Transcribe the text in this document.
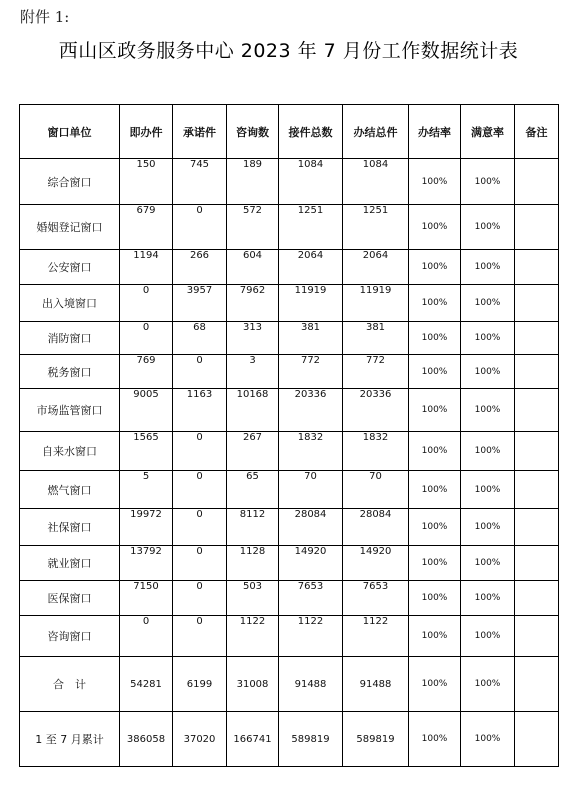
附件 1:
西山区政务服务中心 2023 年 7 月份工作数据统计表
窗口单位	即办件	承诺件	咨询数	接件总数	办结总件	办结率	满意率	备注
综合窗口	150	745	189	1084	1084	100%	100%	
婚姻登记窗口	679	0	572	1251	1251	100%	100%	
公安窗口	1194	266	604	2064	2064	100%	100%	
出入境窗口	0	3957	7962	11919	11919	100%	100%	
消防窗口	0	68	313	381	381	100%	100%	
税务窗口	769	0	3	772	772	100%	100%	
市场监管窗口	9005	1163	10168	20336	20336	100%	100%	
自来水窗口	1565	0	267	1832	1832	100%	100%	
燃气窗口	5	0	65	70	70	100%	100%	
社保窗口	19972	0	8112	28084	28084	100%	100%	
就业窗口	13792	0	1128	14920	14920	100%	100%	
医保窗口	7150	0	503	7653	7653	100%	100%	
咨询窗口	0	0	1122	1122	1122	100%	100%	
合　计	54281	6199	31008	91488	91488	100%	100%	
1 至 7 月累计	386058	37020	166741	589819	589819	100%	100%	
